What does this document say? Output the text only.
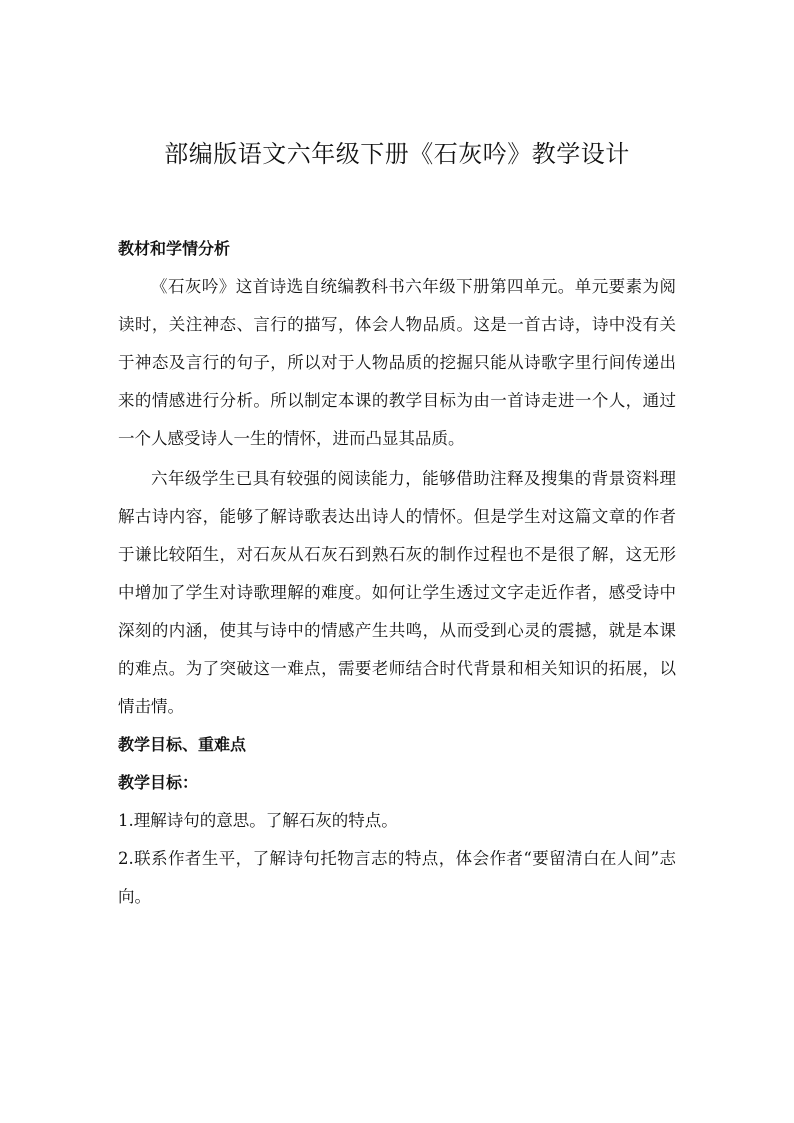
部编版语文六年级下册《石灰吟》教学设计

教材和学情分析

《石灰吟》这首诗选自统编教科书六年级下册第四单元。单元要素为阅读时，关注神态、言行的描写，体会人物品质。这是一首古诗，诗中没有关于神态及言行的句子，所以对于人物品质的挖掘只能从诗歌字里行间传递出来的情感进行分析。所以制定本课的教学目标为由一首诗走进一个人，通过一个人感受诗人一生的情怀，进而凸显其品质。

六年级学生已具有较强的阅读能力，能够借助注释及搜集的背景资料理解古诗内容，能够了解诗歌表达出诗人的情怀。但是学生对这篇文章的作者于谦比较陌生，对石灰从石灰石到熟石灰的制作过程也不是很了解，这无形中增加了学生对诗歌理解的难度。如何让学生透过文字走近作者，感受诗中深刻的内涵，使其与诗中的情感产生共鸣，从而受到心灵的震撼，就是本课的难点。为了突破这一难点，需要老师结合时代背景和相关知识的拓展，以情击情。

教学目标、重难点

教学目标：

1.理解诗句的意思。了解石灰的特点。

2.联系作者生平，了解诗句托物言志的特点，体会作者“要留清白在人间”志向。
